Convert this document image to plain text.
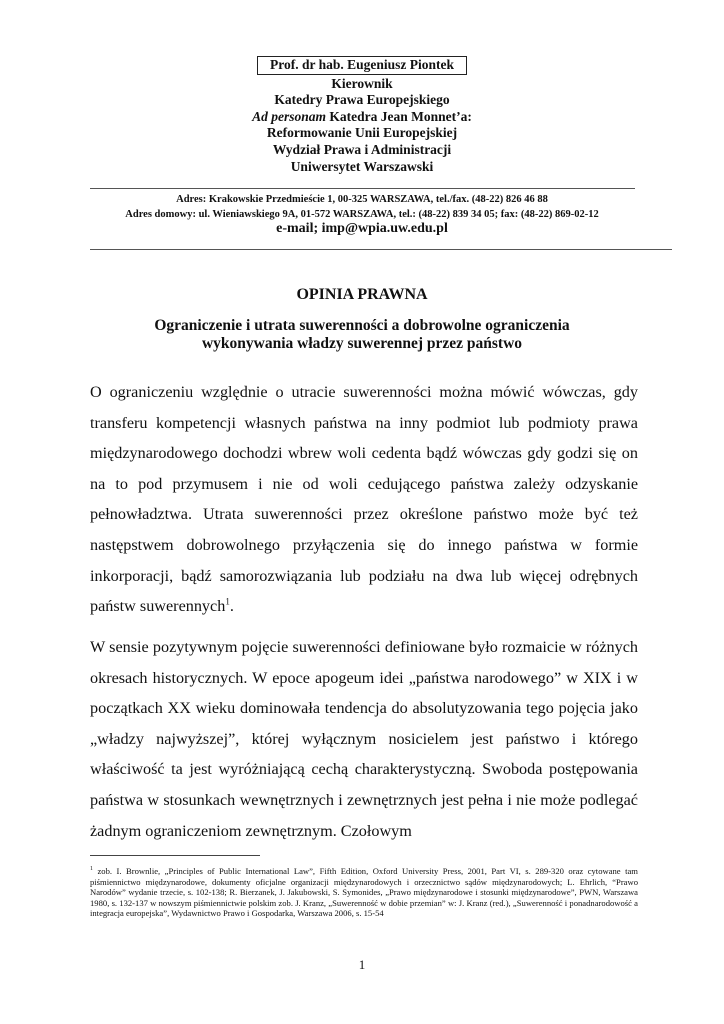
Prof. dr hab. Eugeniusz Piontek
Kierownik
Katedry Prawa Europejskiego
Ad personam Katedra Jean Monnet’a:
Reformowanie Unii Europejskiej
Wydział Prawa i Administracji
Uniwersytet Warszawski
Adres: Krakowskie Przedmieście 1, 00-325 WARSZAWA, tel./fax. (48-22) 826 46 88
Adres domowy: ul. Wieniawskiego 9A, 01-572 WARSZAWA, tel.: (48-22) 839 34 05; fax: (48-22) 869-02-12
e-mail; imp@wpia.uw.edu.pl
OPINIA PRAWNA
Ograniczenie i utrata suwerenności a dobrowolne ograniczenia
wykonywania władzy suwerennej przez państwo

O ograniczeniu względnie o utracie suwerenności można mówić wówczas, gdy transferu kompetencji własnych państwa na inny podmiot lub podmioty prawa międzynarodowego dochodzi wbrew woli cedenta bądź wówczas gdy godzi się on na to pod przymusem i nie od woli cedującego państwa zależy odzyskanie pełnowładztwa. Utrata suwerenności przez określone państwo może być też następstwem dobrowolnego przyłączenia się do innego państwa w formie inkorporacji, bądź samorozwiązania lub podziału na dwa lub więcej odrębnych państw suwerennych$^1$.

W sensie pozytywnym pojęcie suwerenności definiowane było rozmaicie w różnych okresach historycznych. W epoce apogeum idei „państwa narodowego” w XIX i w początkach XX wieku dominowała tendencja do absolutyzowania tego pojęcia jako „władzy najwyższej”, której wyłącznym nosicielem jest państwo i którego właściwość ta jest wyróżniającą cechą charakterystyczną. Swoboda postępowania państwa w stosunkach wewnętrznych i zewnętrznych jest pełna i nie może podlegać żadnym ograniczeniom zewnętrznym. Czołowym

$^1$ zob. I. Brownlie, „Principles of Public International Law”, Fifth Edition, Oxford University Press, 2001, Part VI, s. 289-320 oraz cytowane tam piśmiennictwo międzynarodowe, dokumenty oficjalne organizacji międzynarodowych i orzecznictwo sądów międzynarodowych; L. Ehrlich, “Prawo Narodów” wydanie trzecie, s. 102-138; R. Bierzanek, J. Jakubowski, S. Symonides, „Prawo międzynarodowe i stosunki międzynarodowe”, PWN, Warszawa 1980, s. 132-137 w nowszym piśmiennictwie polskim zob. J. Kranz, „Suwerenność w dobie przemian” w: J. Kranz (red.), „Suwerenność i ponadnarodowość a integracja europejska”, Wydawnictwo Prawo i Gospodarka, Warszawa 2006, s. 15-54

1
